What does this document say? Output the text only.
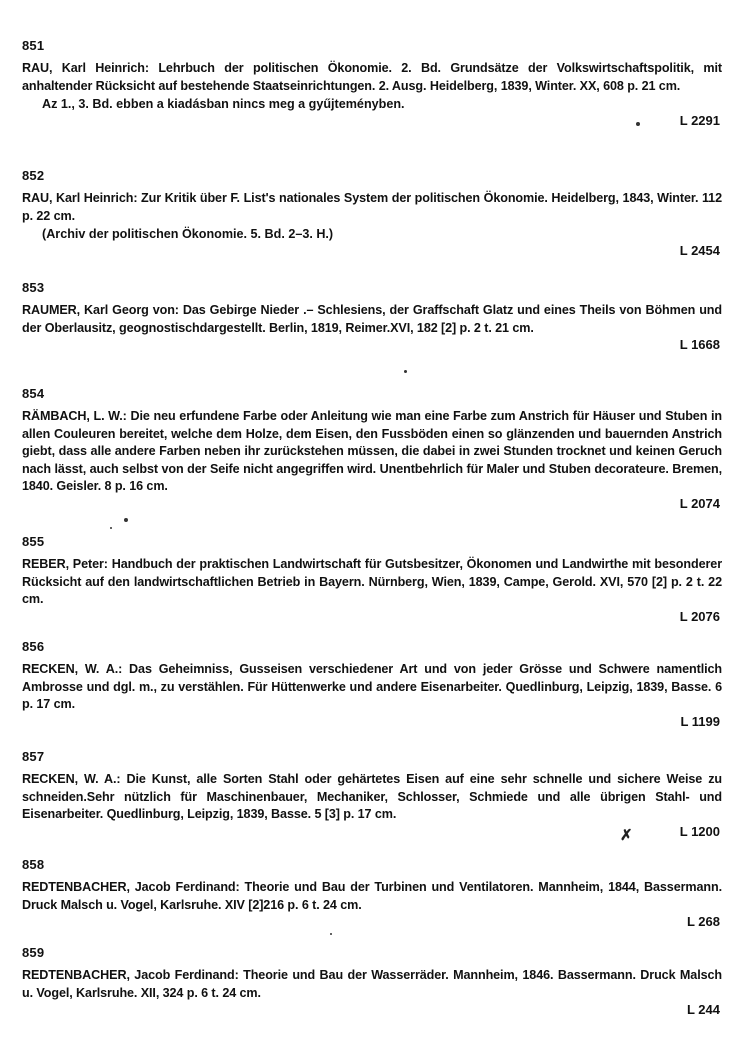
851
RAU, Karl Heinrich: Lehrbuch der politischen Ökonomie. 2. Bd. Grundsätze der Volkswirtschaftspolitik, mit anhaltender Rücksicht auf bestehende Staatseinrichtungen. 2. Ausg. Heidelberg, 1839, Winter. XX, 608 p. 21 cm.
Az 1., 3. Bd. ebben a kiadásban nincs meg a gyűjteményben.
L 2291
852
RAU, Karl Heinrich: Zur Kritik über F. List's nationales System der politischen Ökonomie. Heidelberg, 1843, Winter. 112 p. 22 cm.
(Archiv der politischen Ökonomie. 5. Bd. 2–3. H.)
L 2454
853
RAUMER, Karl Georg von: Das Gebirge Nieder .– Schlesiens, der Graffschaft Glatz und eines Theils von Böhmen und der Oberlausitz, geognostischdargestellt. Berlin, 1819, Reimer.XVI, 182 [2] p. 2 t. 21 cm.
L 1668
854
RÄMBACH, L. W.: Die neu erfundene Farbe oder Anleitung wie man eine Farbe zum Anstrich für Häuser und Stuben in allen Couleuren bereitet, welche dem Holze, dem Eisen, den Fussböden einen so glänzenden und bauernden Anstrich giebt, dass alle andere Farben neben ihr zurückstehen müssen, die dabei in zwei Stunden trocknet und keinen Geruch nach lässt, auch selbst von der Seife nicht angegriffen wird. Unentbehrlich für Maler und Stuben decorateure. Bremen, 1840. Geisler. 8 p. 16 cm.
L 2074
855
REBER, Peter: Handbuch der praktischen Landwirtschaft für Gutsbesitzer, Ökonomen und Landwirthe mit besonderer Rücksicht auf den landwirtschaftlichen Betrieb in Bayern. Nürnberg, Wien, 1839, Campe, Gerold. XVI, 570 [2] p. 2 t. 22 cm.
L 2076
856
RECKEN, W. A.: Das Geheimniss, Gusseisen verschiedener Art und von jeder Grösse und Schwere namentlich Ambrosse und dgl. m., zu verstählen. Für Hüttenwerke und andere Eisenarbeiter. Quedlinburg, Leipzig, 1839, Basse. 6 p. 17 cm.
L 1199
857
RECKEN, W. A.: Die Kunst, alle Sorten Stahl oder gehärtetes Eisen auf eine sehr schnelle und sichere Weise zu schneiden.Sehr nützlich für Maschinenbauer, Mechaniker, Schlosser, Schmiede und alle übrigen Stahl- und Eisenarbeiter. Quedlinburg, Leipzig, 1839, Basse. 5 [3] p. 17 cm.
L 1200
858
REDTENBACHER, Jacob Ferdinand: Theorie und Bau der Turbinen und Ventilatoren. Mannheim, 1844, Bassermann. Druck Malsch u. Vogel, Karlsruhe. XIV [2]216 p. 6 t. 24 cm.
L 268
859
REDTENBACHER, Jacob Ferdinand: Theorie und Bau der Wasserräder. Mannheim, 1846. Bassermann. Druck Malsch u. Vogel, Karlsruhe. XII, 324 p. 6 t. 24 cm.
L 244
✗
